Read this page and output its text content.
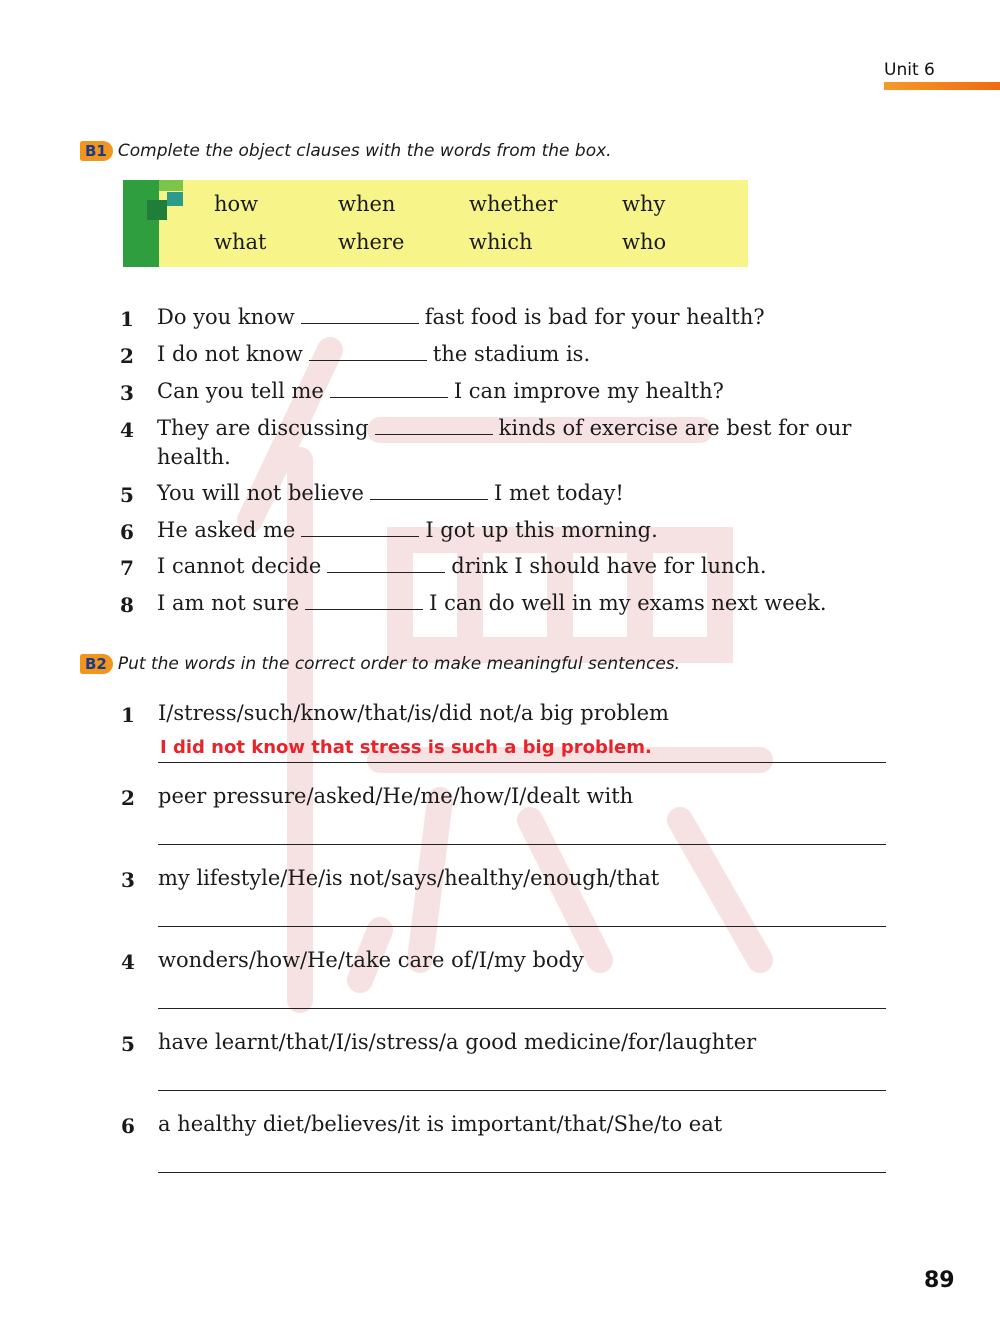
Unit 6
B1 Complete the object clauses with the words from the box.
how	when	whether	why
what	where	which	who
1 Do you know	fast food is bad for your health?
2 I do not know	the stadium is.
3 Can you tell me	I can improve my health?
4 They are discussing	kinds of exercise are best for our
health.
5 You will not believe	I met today!
6 He asked me	I got up this morning.
7 I cannot decide	drink I should have for lunch.
8 I am not sure	I can do well in my exams next week.
B2 Put the words in the correct order to make meaningful sentences.
1 I/stress/such/know/that/is/did not/a big problem
I did not know that stress is such a big problem.
2 peer pressure/asked/He/me/how/I/dealt with
3 my lifestyle/He/is not/says/healthy/enough/that
4 wonders/how/He/take care of/I/my body
5 have learnt/that/I/is/stress/a good medicine/for/laughter
6 a healthy diet/believes/it is important/that/She/to eat
89
